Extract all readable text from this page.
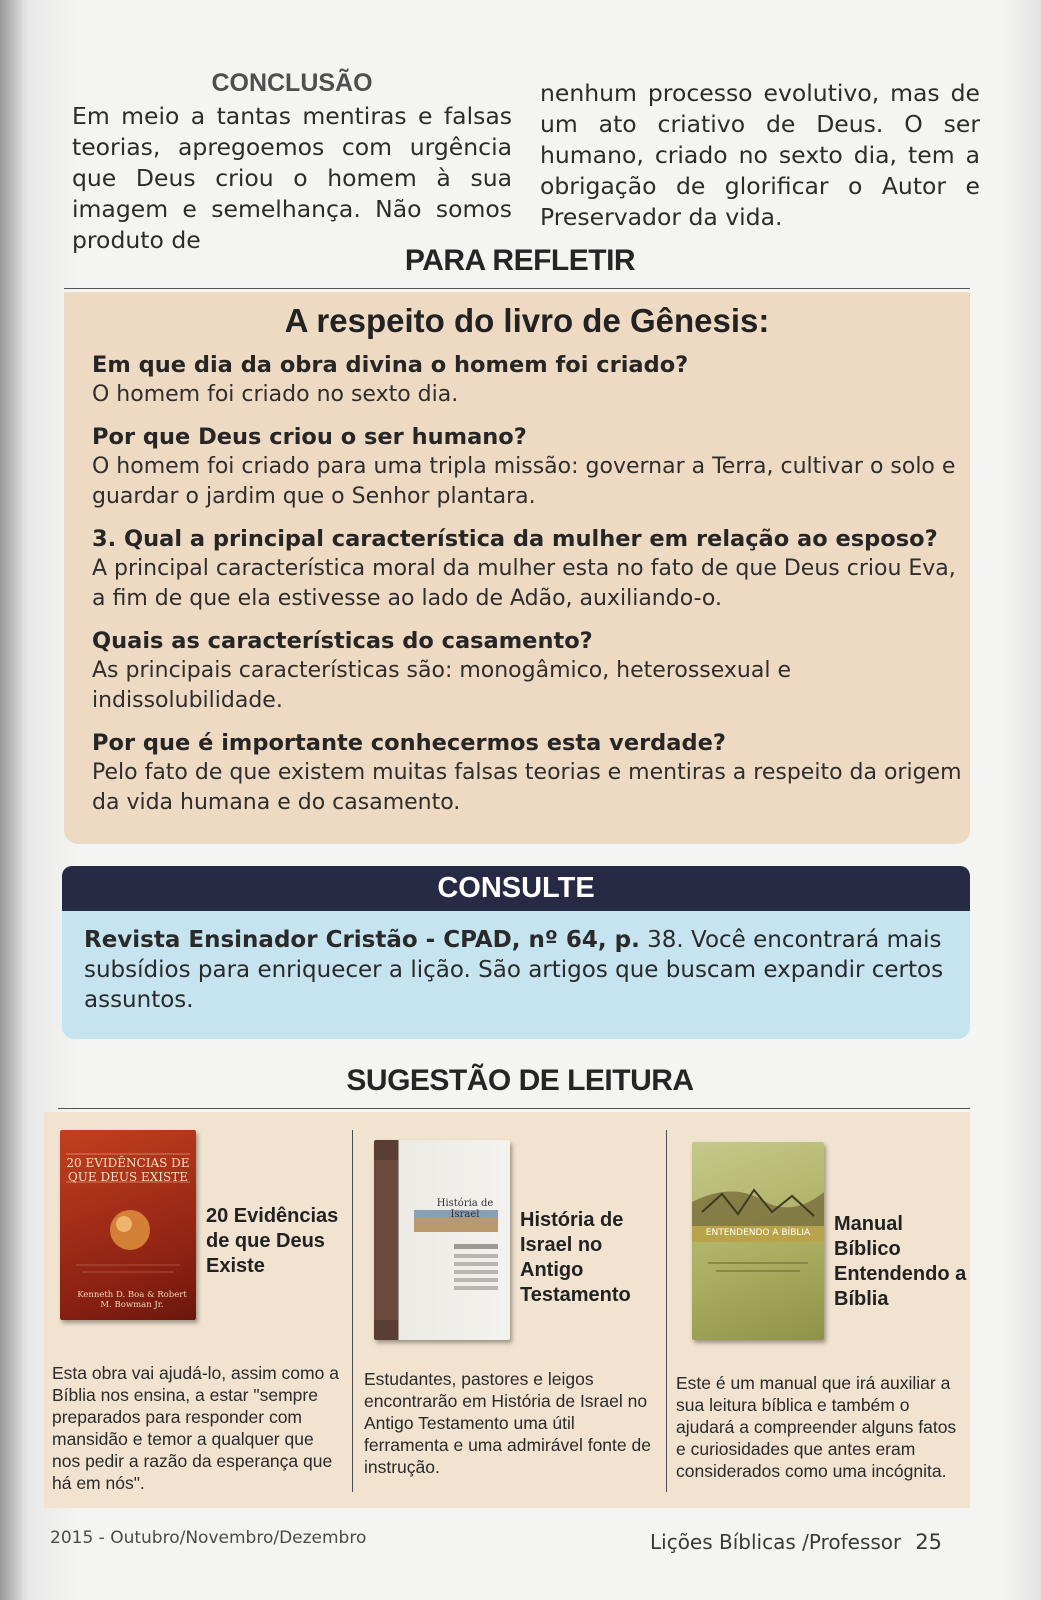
CONCLUSÃO
Em meio a tantas mentiras e falsas teorias, apregoemos com urgência que Deus criou o homem à sua imagem e semelhança. Não somos produto de
nenhum processo evolutivo, mas de um ato criativo de Deus. O ser humano, criado no sexto dia, tem a obrigação de glorificar o Autor e Preservador da vida.
PARA REFLETIR
A respeito do livro de Gênesis:
Em que dia da obra divina o homem foi criado?
O homem foi criado no sexto dia.
Por que Deus criou o ser humano?
O homem foi criado para uma tripla missão: governar a Terra, cultivar o solo e guardar o jardim que o Senhor plantara.
3. Qual a principal característica da mulher em relação ao esposo?
A principal característica moral da mulher esta no fato de que Deus criou Eva, a fim de que ela estivesse ao lado de Adão, auxiliando-o.
Quais as características do casamento?
As principais características são: monogâmico, heterossexual e indissolubilidade.
Por que é importante conhecermos esta verdade?
Pelo fato de que existem muitas falsas teorias e mentiras a respeito da origem da vida humana e do casamento.
CONSULTE
Revista Ensinador Cristão - CPAD, nº 64, p. 38. Você encontrará mais subsídios para enriquecer a lição. São artigos que buscam expandir certos assuntos.
SUGESTÃO DE LEITURA
20 EVIDÊNCIAS DE QUE DEUS EXISTE
Kenneth D. Boa & Robert M. Bowman Jr.
20 Evidências de que Deus Existe
Esta obra vai ajudá-lo, assim como a Bíblia nos ensina, a estar "sempre preparados para responder com mansidão e temor a qualquer que nos pedir a razão da esperança que há em nós".
História de Israel	História de Israel no Antigo Testamento
Estudantes, pastores e leigos encontrarão em História de Israel no Antigo Testamento uma útil ferramenta e uma admirável fonte de instrução.
ENTENDENDO A BÍBLIA	Manual Bíblico Entendendo a Bíblia
Este é um manual que irá auxiliar a sua leitura bíblica e também o ajudará a compreender alguns fatos e curiosidades que antes eram considerados como uma incógnita.
2015 - Outubro/Novembro/Dezembro	Lições Bíblicas /Professor 25
